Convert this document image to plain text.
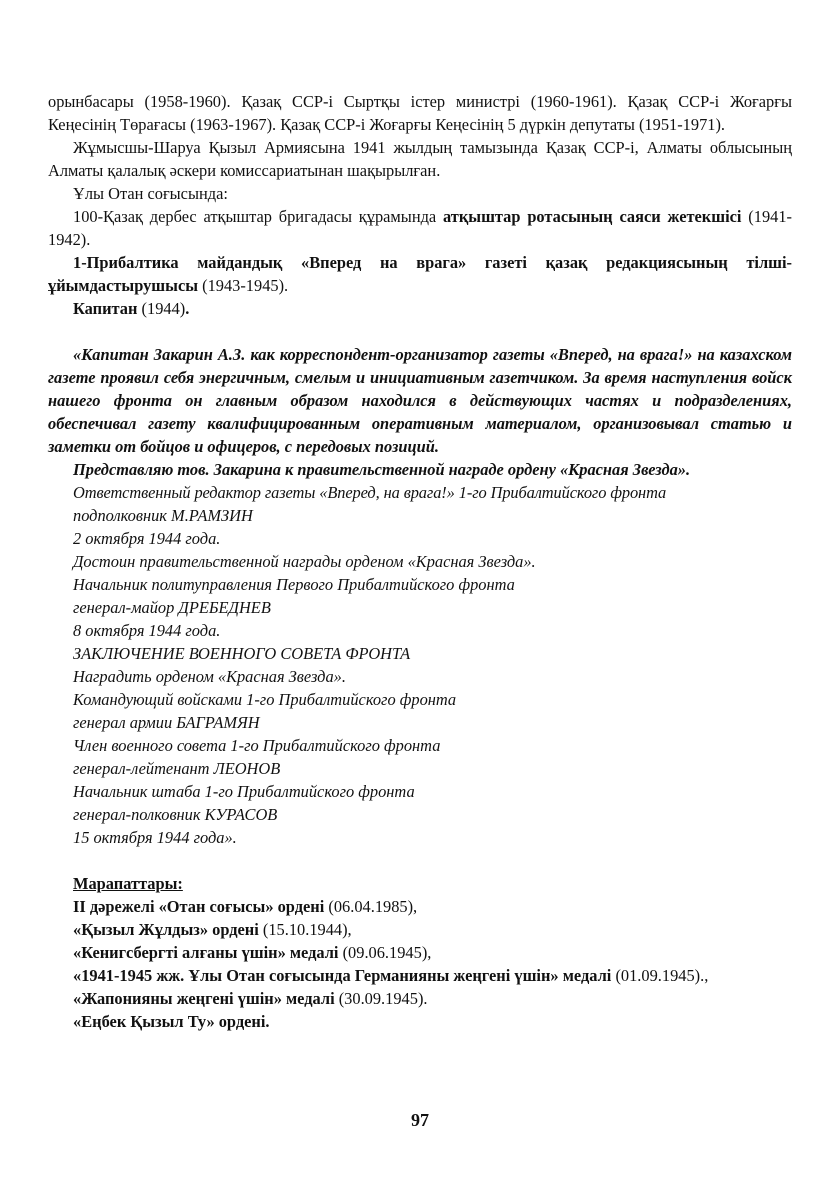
орынбасары (1958-1960). Қазақ ССР-і Сыртқы істер министрі (1960-1961). Қазақ ССР-і Жоғарғы Кеңесінің Төрағасы (1963-1967). Қазақ ССР-і Жоғарғы Кеңесінің 5 дүркін депутаты (1951-1971).

Жұмысшы-Шаруа Қызыл Армиясына 1941 жылдың тамызында Қазақ ССР-і, Алматы облысының Алматы қалалық әскери комиссариатынан шақырылған.

Ұлы Отан соғысында:

100-Қазақ дербес атқыштар бригадасы құрамында атқыштар ротасының саяси жетекшісі (1941-1942).

1-Прибалтика майдандық «Вперед на врага» газеті қазақ редакциясының тілші-ұйымдастырушысы (1943-1945).

Капитан (1944).

«Капитан Закарин А.З. как корреспондент-организатор газеты «Вперед, на врага!» на казахском газете проявил себя энергичным, смелым и инициативным газетчиком. За время наступления войск нашего фронта он главным образом находился в действующих частях и подразделениях, обеспечивал газету квалифицированным оперативным материалом, организовывал статью и заметки от бойцов и офицеров, с передовых позиций.

Представляю тов. Закарина к правительственной награде ордену «Красная Звезда».

Ответственный редактор газеты «Вперед, на врага!» 1-го Прибалтийского фронта
подполковник М.РАМЗИН
2 октября 1944 года.
Достоин правительственной награды орденом «Красная Звезда».
Начальник политуправления Первого Прибалтийского фронта
генерал-майор ДРЕБЕДНЕВ
8 октября 1944 года.
ЗАКЛЮЧЕНИЕ ВОЕННОГО СОВЕТА ФРОНТА
Наградить орденом «Красная Звезда».
Командующий войсками 1-го Прибалтийского фронта
генерал армии БАГРАМЯН
Член военного совета 1-го Прибалтийского фронта
генерал-лейтенант ЛЕОНОВ
Начальник штаба 1-го Прибалтийского фронта
генерал-полковник КУРАСОВ
15 октября 1944 года».

Марапаттары:

ІІ дәрежелі «Отан соғысы» ордені (06.04.1985),

«Қызыл Жұлдыз» ордені (15.10.1944),

«Кенигсбергті алғаны үшін» медалі (09.06.1945),

«1941-1945 жж. Ұлы Отан соғысында Германияны жеңгені үшін» медалі (01.09.1945).,

«Жапонияны жеңгені үшін» медалі (30.09.1945).

«Еңбек Қызыл Ту» ордені.

97
